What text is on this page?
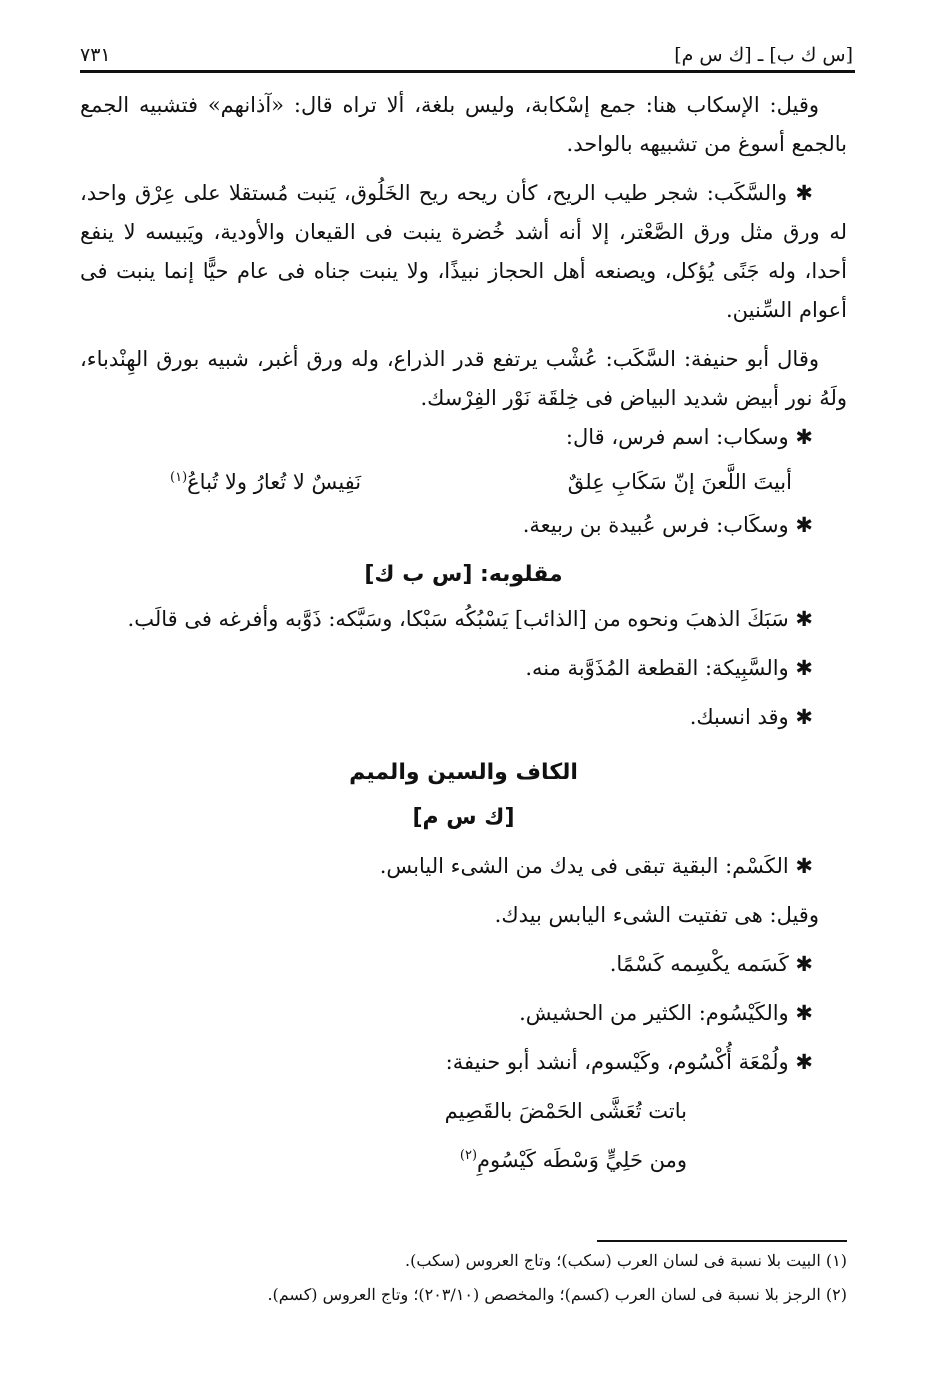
[س ك ب] ـ [ك س م]
٧٣١

وقيل: الإسكاب هنا: جمع إسْكابة، وليس بلغة، ألا تراه قال: «آذانهم» فتشبيه الجمع بالجمع أسوغ من تشبيهه بالواحد.

✱ والسَّكَب: شجر طيب الريح، كأن ريحه ريح الخَلُوق، يَنبت مُستقلا على عِرْق واحد، له ورق مثل ورق الصَّعْتر، إلا أنه أشد خُضرة ينبت فى القيعان والأودية، ويَبيسه لا ينفع أحدا، وله جَنًى يُؤكل، ويصنعه أهل الحجاز نبيذًا، ولا ينبت جناه فى عام حيًّا إنما ينبت فى أعوام السِّنين.

وقال أبو حنيفة: السَّكَب: عُشْب يرتفع قدر الذراع، وله ورق أغبر، شبيه بورق الهِنْدباء، ولَهُ نور أبيض شديد البياض فى خِلقَة نَوْر الفِرْسك.

✱ وسكاب: اسم فرس، قال:

أبيتَ اللَّعنَ إنّ سَكَابِ عِلقٌ
نَفِيسٌ لا تُعارُ ولا تُباعُ$^{(١)}$

✱ وسكَاب: فرس عُبيدة بن ربيعة.

مقلوبه: [س ب ك]

✱ سَبَكَ الذهبَ ونحوه من [الذائب] يَسْبُكُه سَبْكا، وسَبَّكه: ذَوَّبه وأفرغه فى قالَب.

✱ والسَّبِيكة: القطعة المُذَوَّبة منه.

✱ وقد انسبك.

الكاف والسين والميم
[ك س م]

✱ الكَسْم: البقية تبقى فى يدك من الشىء اليابس.

وقيل: هى تفتيت الشىء اليابس بيدك.

✱ كَسَمه يكْسِمه كَسْمًا.

✱ والكَيْسُوم: الكثير من الحشيش.

✱ ولُمْعَة أُكْسُوم، وكَيْسوم، أنشد أبو حنيفة:

باتت تُعَشَّى الحَمْضَ بالقَصِيم

ومن حَلِيٍّ وَسْطَه كَيْسُومِ$^{(٢)}$

(١) البيت بلا نسبة فى لسان العرب (سكب)؛ وتاج العروس (سكب).

(٢) الرجز بلا نسبة فى لسان العرب (كسم)؛ والمخصص (٢٠٣/١٠)؛ وتاج العروس (كسم).
